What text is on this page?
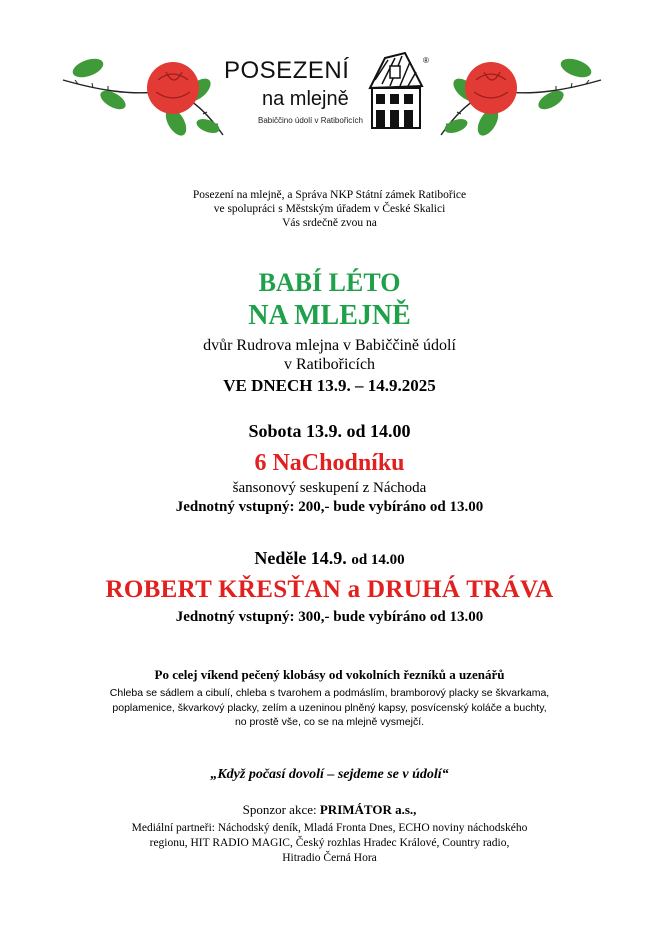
POSEZENÍ
na mlejně
Babiččino údolí v Ratibořicích
®
Posezení na mlejně, a Správa NKP Státní zámek Ratibořice
ve spolupráci s Městským úřadem v České Skalici
Vás srdečně zvou na
BABÍ LÉTO
NA MLEJNĚ
dvůr Rudrova mlejna v Babiččině údolí
v Ratibořicích
VE DNECH 13.9. – 14.9.2025
Sobota 13.9. od 14.00
6 NaChodníku
šansonový seskupení z Náchoda
Jednotný vstupný: 200,- bude vybíráno od 13.00
Neděle 14.9. od 14.00
ROBERT KŘESŤAN a DRUHÁ TRÁVA
Jednotný vstupný: 300,- bude vybíráno od 13.00
Po celej víkend pečený klobásy od vokolních řezníků a uzenářů
Chleba se sádlem a cibulí, chleba s tvarohem a podmáslím, bramborový placky se škvarkama,
poplamenice, škvarkový placky, zelím a uzeninou plněný kapsy, posvícenský koláče a buchty,
no prostě vše, co se na mlejně vysmejčí.
„Když počasí dovolí – sejdeme se v údolí“
Sponzor akce: PRIMÁTOR a.s.,
Mediální partneři: Náchodský deník, Mladá Fronta Dnes, ECHO noviny náchodského
regionu, HIT RADIO MAGIC, Český rozhlas Hradec Králové, Country radio,
Hitradio Černá Hora
